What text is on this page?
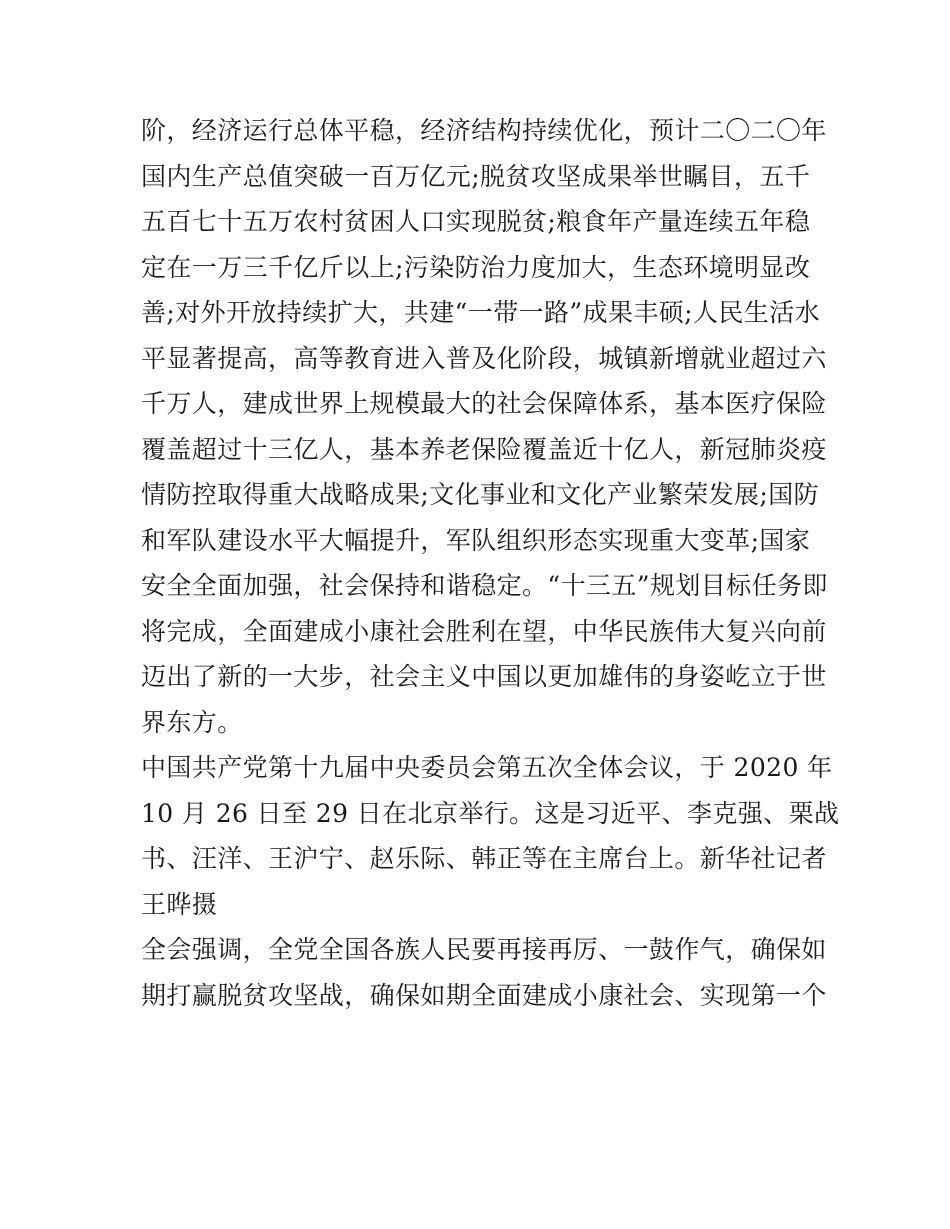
阶，经济运行总体平稳，经济结构持续优化，预计二〇二〇年
国内生产总值突破一百万亿元;脱贫攻坚成果举世瞩目，五千
五百七十五万农村贫困人口实现脱贫;粮食年产量连续五年稳
定在一万三千亿斤以上;污染防治力度加大，生态环境明显改
善;对外开放持续扩大，共建“一带一路”成果丰硕;人民生活水
平显著提高，高等教育进入普及化阶段，城镇新增就业超过六
千万人，建成世界上规模最大的社会保障体系，基本医疗保险
覆盖超过十三亿人，基本养老保险覆盖近十亿人，新冠肺炎疫
情防控取得重大战略成果;文化事业和文化产业繁荣发展;国防
和军队建设水平大幅提升，军队组织形态实现重大变革;国家
安全全面加强，社会保持和谐稳定。“十三五”规划目标任务即
将完成，全面建成小康社会胜利在望，中华民族伟大复兴向前
迈出了新的一大步，社会主义中国以更加雄伟的身姿屹立于世
界东方。
中国共产党第十九届中央委员会第五次全体会议，于 2020 年
10 月 26 日至 29 日在北京举行。这是习近平、李克强、栗战
书、汪洋、王沪宁、赵乐际、韩正等在主席台上。新华社记者
王晔摄
全会强调，全党全国各族人民要再接再厉、一鼓作气，确保如
期打赢脱贫攻坚战，确保如期全面建成小康社会、实现第一个
